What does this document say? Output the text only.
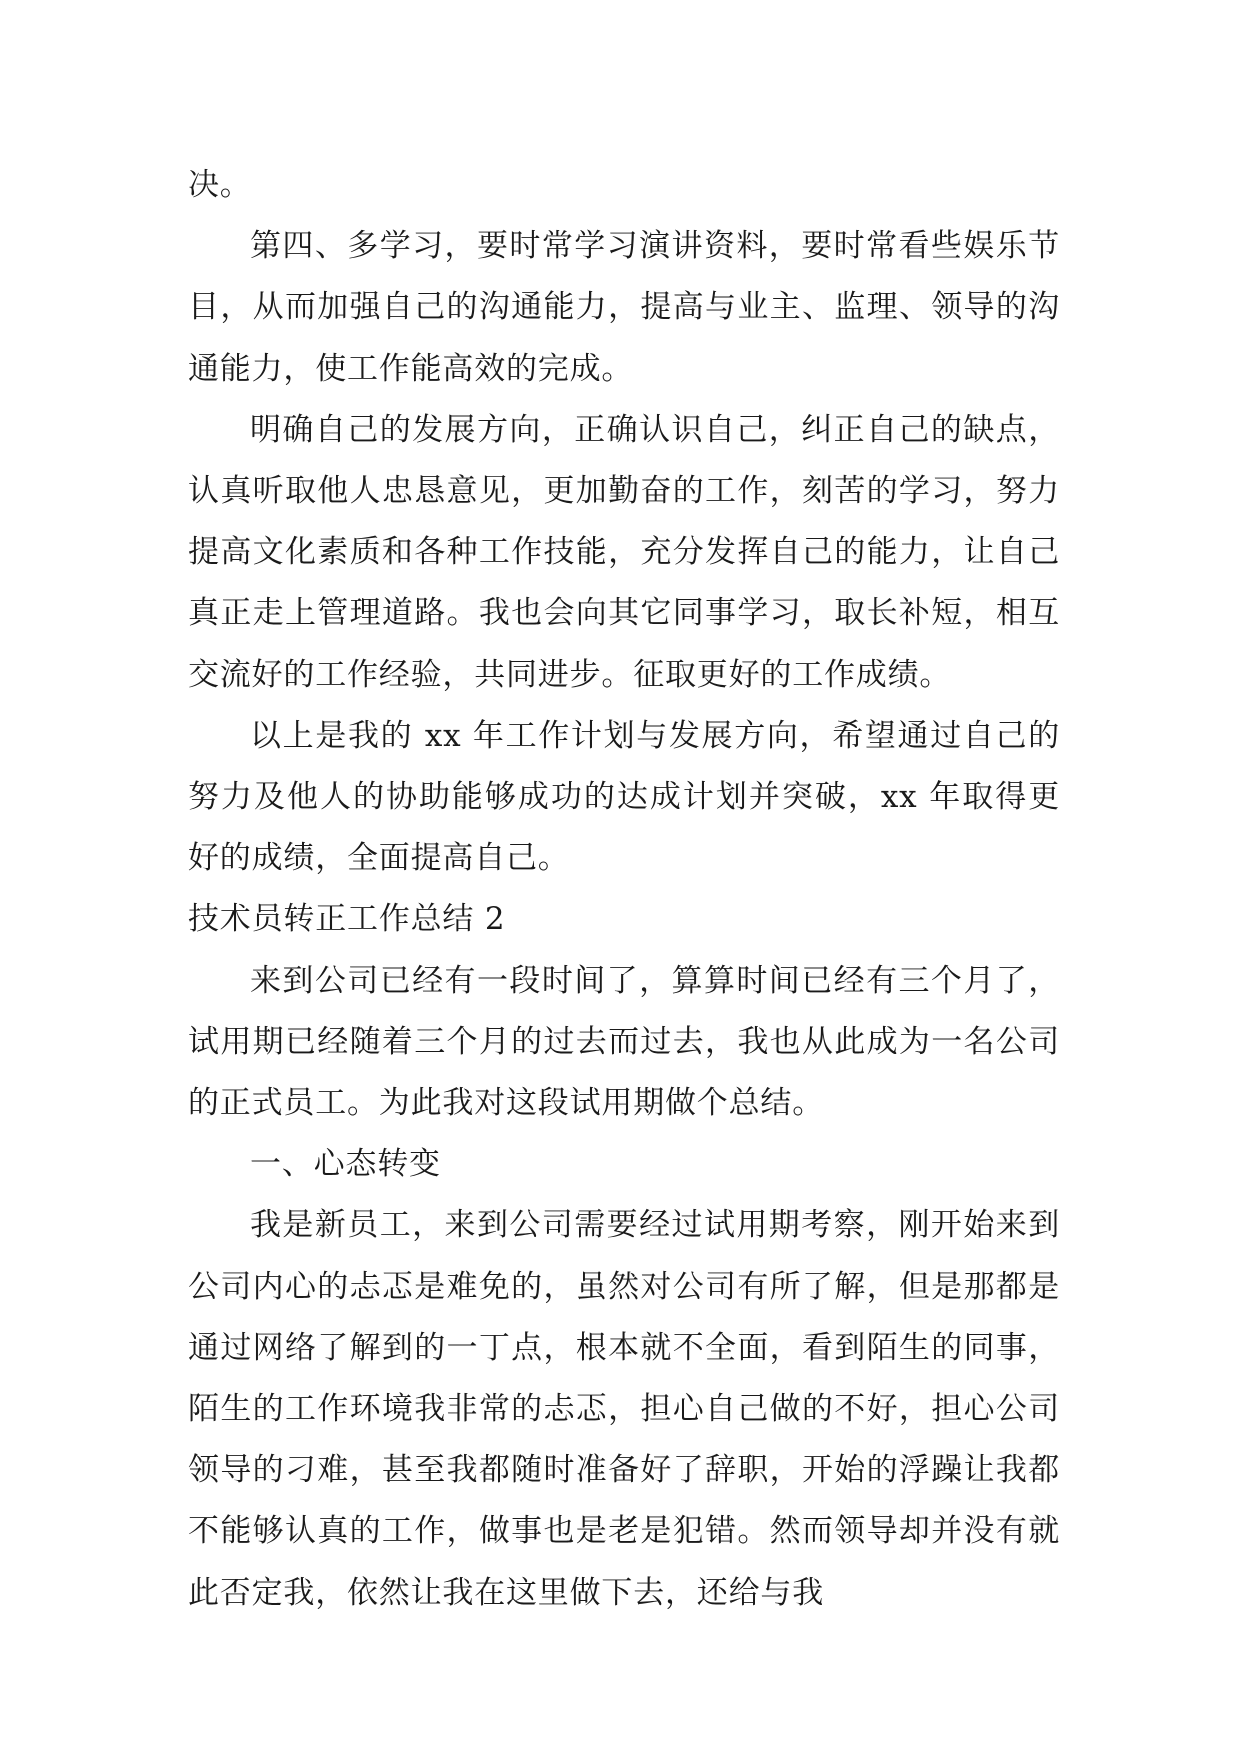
决。

第四、多学习，要时常学习演讲资料，要时常看些娱乐节目，从而加强自己的沟通能力，提高与业主、监理、领导的沟通能力，使工作能高效的完成。

明确自己的发展方向，正确认识自己，纠正自己的缺点，认真听取他人忠恳意见，更加勤奋的工作，刻苦的学习，努力提高文化素质和各种工作技能，充分发挥自己的能力，让自己真正走上管理道路。我也会向其它同事学习，取长补短，相互交流好的工作经验，共同进步。征取更好的工作成绩。

以上是我的 xx 年工作计划与发展方向，希望通过自己的努力及他人的协助能够成功的达成计划并突破，xx 年取得更好的成绩，全面提高自己。

技术员转正工作总结 2

来到公司已经有一段时间了，算算时间已经有三个月了，试用期已经随着三个月的过去而过去，我也从此成为一名公司的正式员工。为此我对这段试用期做个总结。

一、心态转变

我是新员工，来到公司需要经过试用期考察，刚开始来到公司内心的忐忑是难免的，虽然对公司有所了解，但是那都是通过网络了解到的一丁点，根本就不全面，看到陌生的同事，陌生的工作环境我非常的忐忑，担心自己做的不好，担心公司领导的刁难，甚至我都随时准备好了辞职，开始的浮躁让我都不能够认真的工作，做事也是老是犯错。然而领导却并没有就此否定我，依然让我在这里做下去，还给与我
